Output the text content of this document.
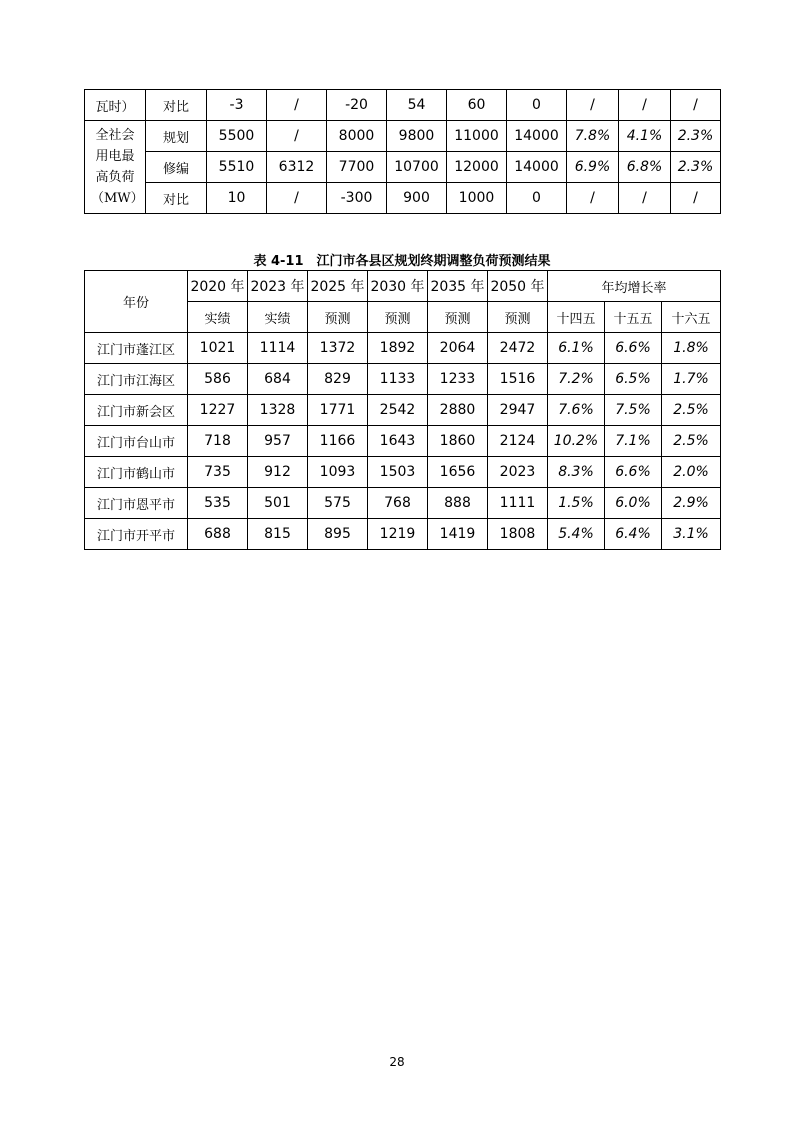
瓦时）	对比	-3	/	-20	54	60	0	/	/	/
全社会用电最高负荷（MW）	规划	5500	/	8000	9800	11000	14000	7.8%	4.1%	2.3%
	修编	5510	6312	7700	10700	12000	14000	6.9%	6.8%	2.3%
	对比	10	/	-300	900	1000	0	/	/	/
表 4-11　江门市各县区规划终期调整负荷预测结果
年份	2020 年	2023 年	2025 年	2030 年	2035 年	2050 年	年均增长率		
	实绩	实绩	预测	预测	预测	预测	十四五	十五五	十六五
江门市蓬江区	1021	1114	1372	1892	2064	2472	6.1%	6.6%	1.8%
江门市江海区	586	684	829	1133	1233	1516	7.2%	6.5%	1.7%
江门市新会区	1227	1328	1771	2542	2880	2947	7.6%	7.5%	2.5%
江门市台山市	718	957	1166	1643	1860	2124	10.2%	7.1%	2.5%
江门市鹤山市	735	912	1093	1503	1656	2023	8.3%	6.6%	2.0%
江门市恩平市	535	501	575	768	888	1111	1.5%	6.0%	2.9%
江门市开平市	688	815	895	1219	1419	1808	5.4%	6.4%	3.1%
28
